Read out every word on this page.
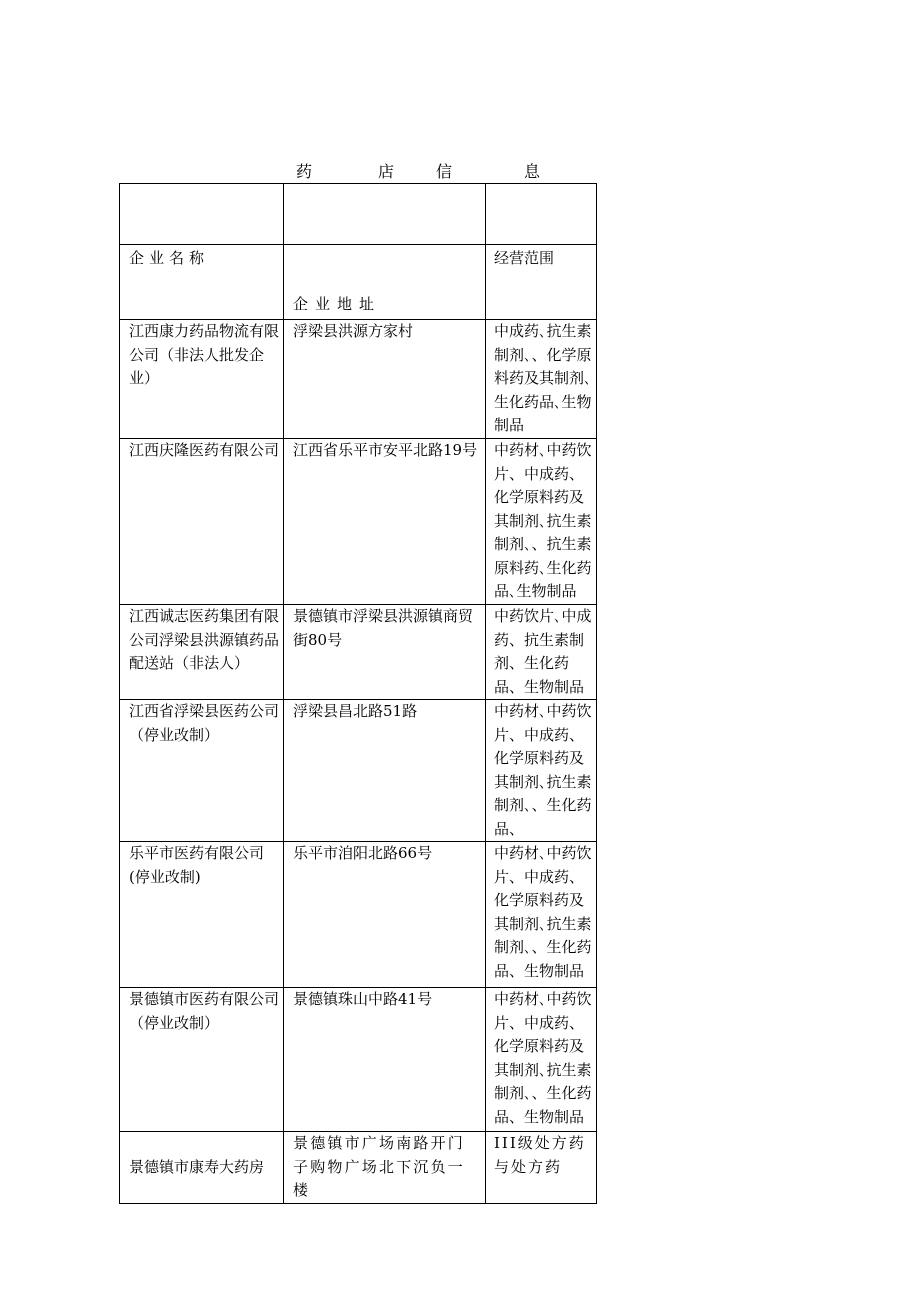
药	店	信	息

企业名称	企业地址	经营范围

江西康力药品物流有限公司（非法人批发企业）	浮梁县洪源方家村	中成药､抗生素制剂､、化学原料药及其制剂､生化药品､生物制品
江西庆隆医药有限公司	江西省乐平市安平北路19号	中药材､中药饮片、中成药、化学原料药及其制剂､抗生素制剂､、抗生素原料药､生化药品､生物制品
江西诚志医药集团有限公司浮梁县洪源镇药品配送站（非法人）	景德镇市浮梁县洪源镇商贸街80号	中药饮片､中成药、抗生素制剂、生化药品、生物制品
江西省浮梁县医药公司（停业改制）	浮梁县昌北路51路	中药材､中药饮片、中成药、化学原料药及其制剂､抗生素制剂､、生化药品、
乐平市医药有限公司(停业改制)	乐平市洎阳北路66号	中药材､中药饮片、中成药、化学原料药及其制剂､抗生素制剂､、生化药品、生物制品
景德镇市医药有限公司（停业改制）	景德镇珠山中路41号	中药材､中药饮片、中成药、化学原料药及其制剂､抗生素制剂､、生化药品、生物制品

景德镇市康寿大药房	景德镇市广场南路开门子购物广场北下沉负一楼	III级处方药与处方药
